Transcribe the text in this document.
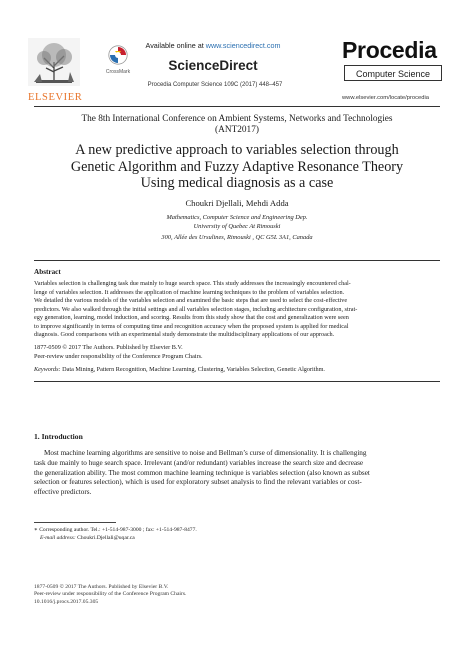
ELSEVIER
CrossMark
Available online at www.sciencedirect.com
ScienceDirect
Procedia Computer Science 109C (2017) 448–457
Procedia
Computer Science
www.elsevier.com/locate/procedia
The 8th International Conference on Ambient Systems, Networks and Technologies
(ANT2017)
A new predictive approach to variables selection through
Genetic Algorithm and Fuzzy Adaptive Resonance Theory
Using medical diagnosis as a case
Choukri Djellali, Mehdi Adda
Mathematics, Computer Science and Engineering Dep.
University of Quebec At Rimouski
300, Allée des Ursulines, Rimouski , QC G5L 3A1, Canada
Abstract
Variables selection is challenging task due mainly to huge search space. This study addresses the increasingly encountered chal-
lenge of variables selection. It addresses the application of machine learning techniques to the problem of variables selection.
We detailed the various models of the variables selection and examined the basic steps that are used to select the cost-effective
predictors. We also walked through the initial settings and all variables selection stages, including architecture configuration, strat-
egy generation, learning, model induction, and scoring. Results from this study show that the cost and generalization were seen
to improve significantly in terms of computing time and recognition accuracy when the proposed system is applied for medical
diagnosis. Good comparisons with an experimental study demonstrate the multidisciplinary applications of our approach.
1877-0509 © 2017 The Authors. Published by Elsevier B.V.
Peer-review under responsibility of the Conference Program Chairs.
Keywords: Data Mining, Pattern Recognition, Machine Learning, Clustering, Variables Selection, Genetic Algorithm.
1. Introduction
Most machine learning algorithms are sensitive to noise and Bellman’s curse of dimensionality. It is challenging
task due mainly to huge search space. Irrelevant (and/or redundant) variables increase the search size and decrease
the generalization ability. The most common machine learning technique is variables selection (also known as subset
selection or features selection), which is used for exploratory subset analysis to find the relevant variables or cost-
effective predictors.
∗ Corresponding author. Tel.: +1-514-987-3000 ; fax: +1-514-987-8477.
E-mail address: Choukri.Djellali@uqar.ca
1877-0509 © 2017 The Authors. Published by Elsevier B.V.
Peer-review under responsibility of the Conference Program Chairs.
10.1016/j.procs.2017.05.305
